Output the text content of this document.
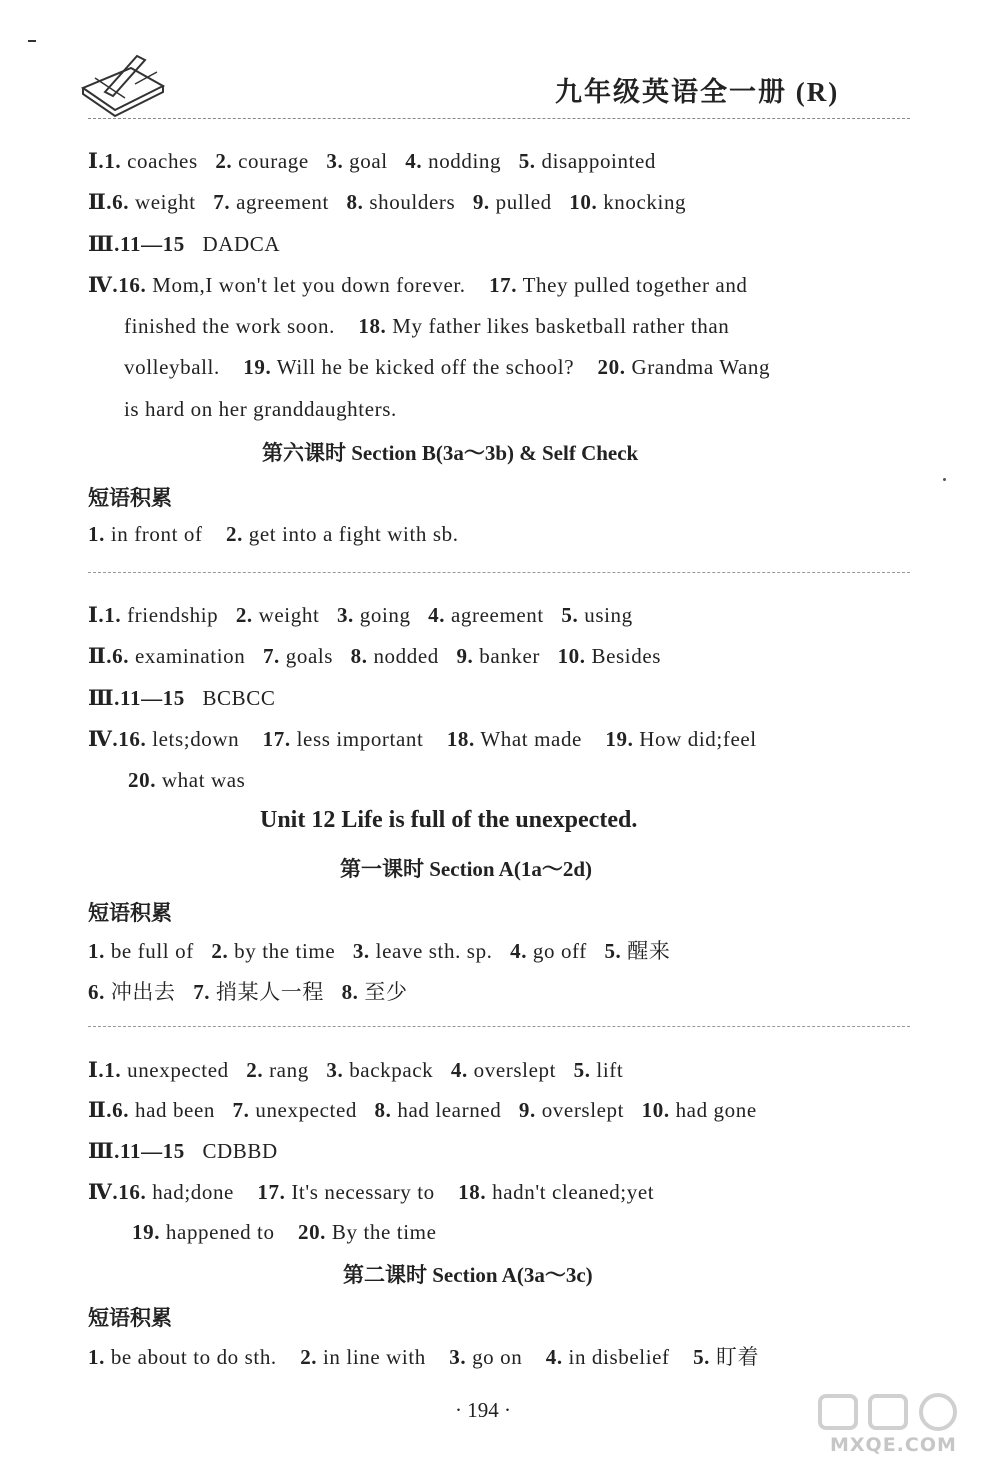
九年级英语全一册 (R)
Ⅰ.1. coaches 2. courage 3. goal 4. nodding 5. disappointed
Ⅱ.6. weight 7. agreement 8. shoulders 9. pulled 10. knocking
Ⅲ.11—15 DADCA
Ⅳ.16. Mom,I won't let you down forever. 17. They pulled together and
finished the work soon. 18. My father likes basketball rather than
volleyball. 19. Will he be kicked off the school? 20. Grandma Wang
is hard on her granddaughters.
第六课时 Section B(3a～3b) & Self Check
短语积累
1. in front of 2. get into a fight with sb.
Ⅰ.1. friendship 2. weight 3. going 4. agreement 5. using
Ⅱ.6. examination 7. goals 8. nodded 9. banker 10. Besides
Ⅲ.11—15 BCBCC
Ⅳ.16. lets;down 17. less important 18. What made 19. How did;feel
20. what was
Unit 12 Life is full of the unexpected.
第一课时 Section A(1a～2d)
短语积累
1. be full of 2. by the time 3. leave sth. sp. 4. go off 5. 醒来
6. 冲出去 7. 捎某人一程 8. 至少
Ⅰ.1. unexpected 2. rang 3. backpack 4. overslept 5. lift
Ⅱ.6. had been 7. unexpected 8. had learned 9. overslept 10. had gone
Ⅲ.11—15 CDBBD
Ⅳ.16. had;done 17. It's necessary to 18. hadn't cleaned;yet
19. happened to 20. By the time
第二课时 Section A(3a～3c)
短语积累
1. be about to do sth. 2. in line with 3. go on 4. in disbelief 5. 盯着
· 194 ·
MXQE.COM
